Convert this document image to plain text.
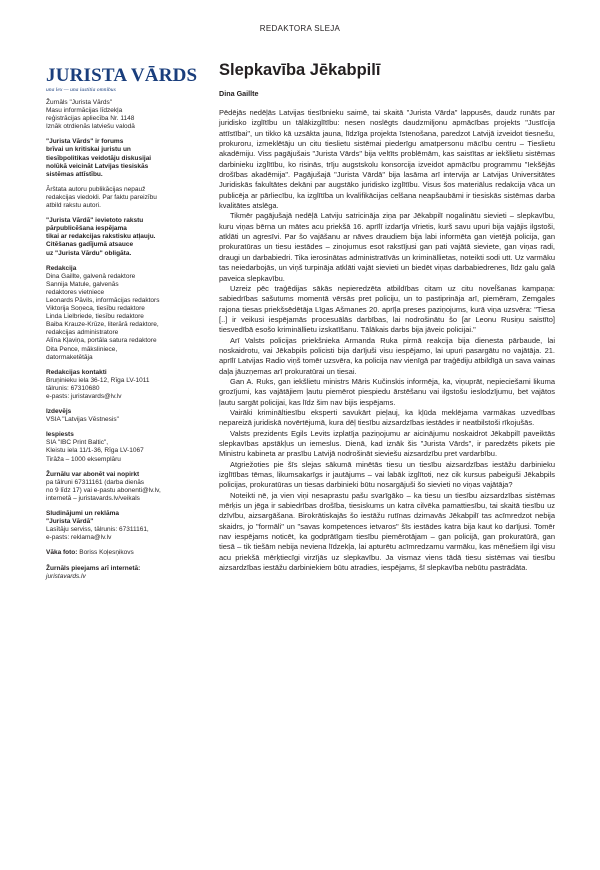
REDAKTORA SLEJA
JURISTA VĀRDS
una lex — una iustitia omnibus
Žurnāls "Jurista Vārds"
Masu informācijas līdzekļa
reģistrācijas apliecība Nr. 1148
Iznāk otrdienās latviešu valodā
"Jurista Vārds" ir forums
brīvai un kritiskai juristu un
tiesībpolitikas veidotāju diskusijai
nolūkā veicināt Latvijas tiesiskās
sistēmas attīstību.
Ārštata autoru publikācijas nepauž
redakcijas viedokli. Par faktu pareizību
atbild rakstu autori.
"Jurista Vārdā" ievietoto rakstu
pārpublicēšana iespējama
tikai ar redakcijas rakstisku atļauju.
Citēšanas gadījumā atsauce
uz "Jurista Vārdu" obligāta.
Redakcija
Dina Gaillte, galvenā redaktore
Sannija Matule, galvenās
redaktores vietniece
Leonards Pāvils, informācijas redaktors
Viktorija Soņeca, tiesību redaktore
Linda Lielbriede, tiesību redaktore
Baiba Krauze-Krūze, literārā redaktore,
redakcijas administratore
Alīna Kļaviņa, portāla satura redaktore
Dita Pence, māksliniece,
datormaketētāja
Redakcijas kontakti
Bruņinieku iela 36-12, Rīga LV-1011
tālrunis: 67310680
e-pasts: juristavards@lv.lv
Izdevējs
VSIA "Latvijas Vēstnesis"
Iespiests
SIA "IBC Print Baltic",
Kleistu iela 11/1-36, Rīga LV-1067
Tirāža – 1000 eksemplāru
Žurnālu var abonēt vai nopirkt
pa tālruni 67311161 (darba dienās
no 9 līdz 17) vai e-pastu abonenti@lv.lv,
internetā – juristavards.lv/veikals
Sludinājumi un reklāma
"Jurista Vārdā"
Lasītāju serviss, tālrunis: 67311161,
e-pasts: reklama@lv.lv
Vāka foto: Boriss Koļesņikovs
Žurnāls pieejams arī internetā:
juristavards.lv
Slepkavība Jēkabpilī
Dina Gaillte

Pēdējās nedēļās Latvijas tiesībnieku saimē, tai skaitā "Jurista Vārda" lappusēs, daudz runāts par juridisko izglītību un tālākizglītību: nesen noslēgts daudzmiljonu apmācības projekts "Justīcija attīstībai", un tikko kā uzsākta jauna, līdzīga projekta īstenošana, paredzot Latvijā izveidot tiesnešu, prokuroru, izmeklētāju un citu tieslietu sistēmai piederīgu amatpersonu mācību centru – Tieslietu akadēmiju. Viss pagājušais "Jurista Vārds" bija veltīts problēmām, kas saistītas ar iekšlietu sistēmas darbinieku izglītību, ko risinās, trīju augstskolu konsorcija izveidot apmācību programmu "Iekšējās drošības akadēmija". Pagājušajā "Jurista Vārdā" bija lasāma arī intervija ar Latvijas Universitātes Juridiskās fakultātes dekāni par augstāko juridisko izglītību. Visus šos materiālus redakcija vāca un publicēja ar pārliecību, ka izglītība un kvalifikācijas celšana neapšaubāmi ir tiesiskās sistēmas darba kvalitātes atslēga.

Tikmēr pagājušajā nedēļā Latviju satricināja ziņa par Jēkabpilī nogalinātu sievieti – slepkavību, kuru viņas bērna un mātes acu priekšā 16. aprīlī izdarīja vīrietis, kurš savu upuri bija vajājis ilgstoši, atklāti un agresīvi. Par šo vajāšanu ar nāves draudiem bija labi informēta gan vietējā policija, gan prokuratūras un tiesu iestādes – zinojumus esot rakstījusi gan pati vajātā sieviete, gan viņas radi, draugi un darbabiedri. Tika ierosinātas administratīvās un kriminällietas, noteikti sodi utt. Uz varmāku tas neiedarbojās, un viņš turpināja atklāti vajāt sievieti un biedēt viņas darbabiedrenes, līdz galu galā paveica slepkavību.

Uzreiz pēc traģēdijas sākās nepieredzēta atbildības citam uz citu noveĺšanas kampaņa: sabiedrības sašutums momentā vērsās pret policiju, un to pastiprināja arī, piemēram, Zemgales rajona tiesas priekšsēdētāja Līgas Ašmanes 20. aprīļa preses paziņojums, kurā viņa uzsvēra: "Tiesa [..] ir veikusi iespējamās procesuālās darbības, lai nodrošinātu šo [ar Leonu Rusiņu saistīto] tiesvedībā esošo kriminällietu izskatīšanu. Tālākais darbs bija jāveic policijai."

Arī Valsts policijas priekšnieka Armanda Ruka pirmā reakcija bija dienesta pārbaude, lai noskaidrotu, vai Jēkabpils policisti bija darījuši visu iespējamo, lai upuri pasargātu no vajātāja. 21. aprīlī Latvijas Radio viņš tomēr uzsvēra, ka policija nav vienīgā par traģēdiju atbildīgā un sava vainas daļa jāuzņemas arī prokuratūrai un tiesai.

Gan A. Ruks, gan iekšlietu ministrs Māris Kučinskis informēja, ka, viņuprāt, nepieciešami likuma grozījumi, kas vajātājiem ļautu piemērot piespiedu ārstēšanu vai ilgstošu ieslodzījumu, bet vajātos ļautu sargāt policijai, kas līdz šim nav bijis iespējams.

Vairāki krimināltiesību eksperti savukārt pieļauj, ka kļūda meklējama varmākas uzvedības nepareizā juridiskā novērtējumā, kura dēļ tiesību aizsardzības iestādes ir neatbilstoši rīkojušās.

Valsts prezidents Egils Levits izplatīja paziņojumu ar aicinājumu noskaidrot Jēkabpilī paveiktās slepkavības apstākļus un iemeslus. Dienā, kad iznāk šis "Jurista Vārds", ir paredzēts pikets pie Ministru kabineta ar prasību Latvijā nodrošināt sieviešu aizsardzību pret vardarbību.

Atgriežoties pie šīs slejas sākumā minētās tiesu un tiesību aizsardzības iestāžu darbinieku izglītības tēmas, likumsakarīgs ir jautājums – vai labāk izglītoti, nez cik kursus pabeiguši Jēkabpils policijas, prokuratūras un tiesas darbinieki būtu nosargājuši šo sievieti no viņas vajātāja?

Noteikti nē, ja vien viņi nesaprastu pašu svarīgāko – ka tiesu un tiesību aizsardzības sistēmas mērķis un jēga ir sabiedrības drošība, tiesiskums un katra cilvēka pamattiesību, tai skaitā tiesību uz dzīvību, aizsargāšana. Birokrātiskajās šo iestāžu rutīnas dzirnavās Jēkabpilī tas acīmredzot nebija skaidrs, jo "formāli" un "savas kompetences ietvaros" šīs iestādes katra bija kaut ko darījusi. Tomēr nav iespējams noticēt, ka godprātīgam tiesību piemērotājam – gan policijā, gan prokuratūrā, gan tiesā – tik tiešām nebija neviena līdzekļa, lai apturētu acīmredzamu varmāku, kas mēnešiem ilgi visu acu priekšā mērķtiecīgi virzījās uz slepkavību. Ja vismaz viens tādā tiesu sistēmas vai tiesību aizsardzības iestāžu darbiniekiem būtu atradies, iespējams, šī slepkavība nebūtu pastrādāta.
